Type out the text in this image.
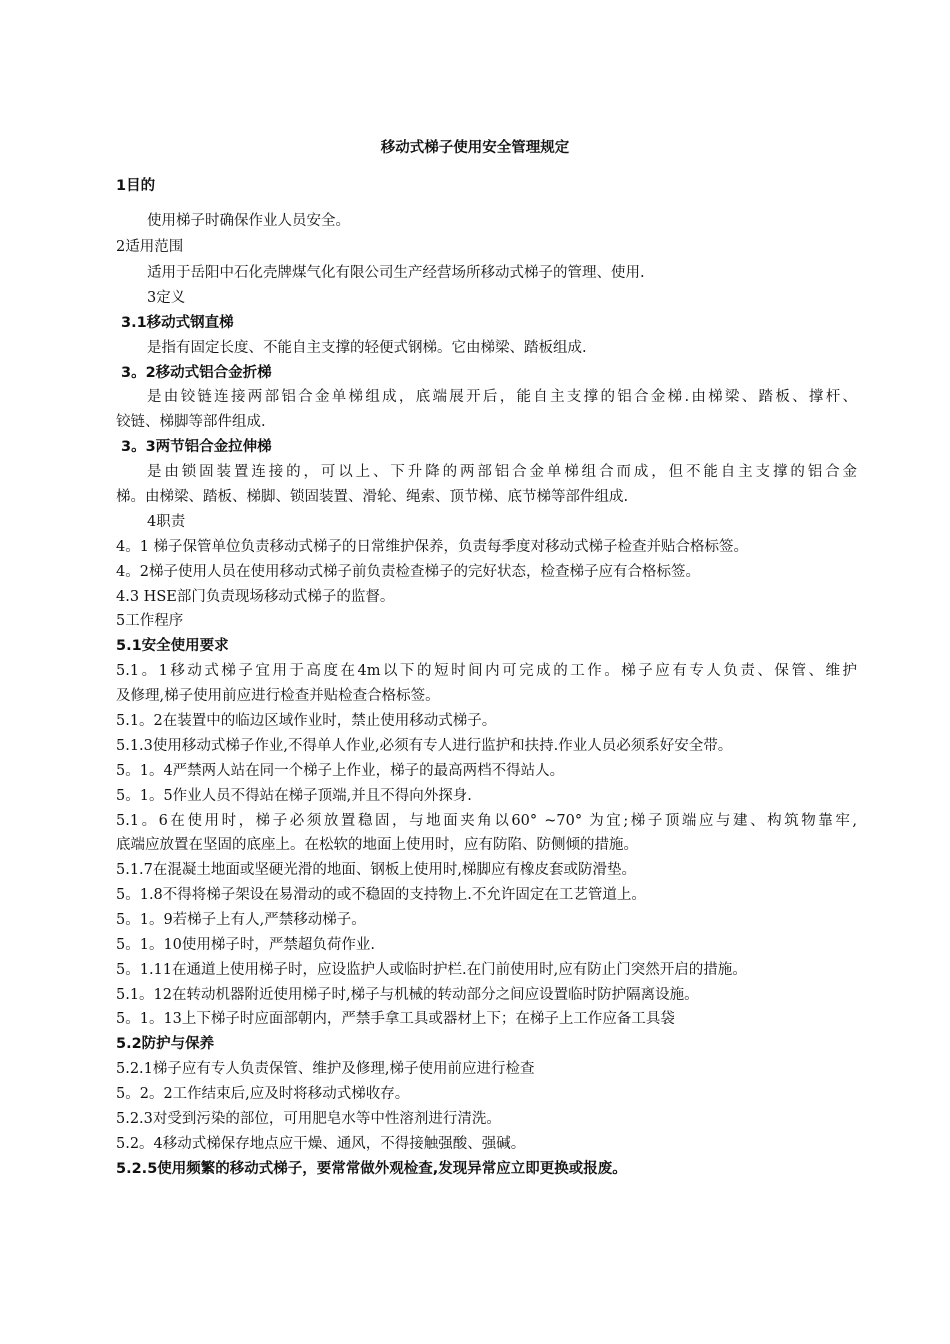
移动式梯子使用安全管理规定
1目的
使用梯子时确保作业人员安全。
2适用范围
适用于岳阳中石化壳牌煤气化有限公司生产经营场所移动式梯子的管理、使用.
3定义
3.1移动式钢直梯
是指有固定长度、不能自主支撑的轻便式钢梯。它由梯梁、踏板组成.
3。2移动式铝合金折梯
是由铰链连接两部铝合金单梯组成，底端展开后，能自主支撑的铝合金梯.由梯梁、踏板、撑杆、
铰链、梯脚等部件组成.
3。3两节铝合金拉伸梯
是由锁固装置连接的，可以上、下升降的两部铝合金单梯组合而成，但不能自主支撑的铝合金
梯。由梯梁、踏板、梯脚、锁固装置、滑轮、绳索、顶节梯、底节梯等部件组成.
4职责
4。1 梯子保管单位负责移动式梯子的日常维护保养，负责每季度对移动式梯子检查并贴合格标签。
4。2梯子使用人员在使用移动式梯子前负责检查梯子的完好状态，检查梯子应有合格标签。
4.3 HSE部门负责现场移动式梯子的监督。
5工作程序
5.1安全使用要求
5.1。1移动式梯子宜用于高度在4m以下的短时间内可完成的工作。梯子应有专人负责、保管、维护
及修理,梯子使用前应进行检查并贴检查合格标签。
5.1。2在装置中的临边区域作业时，禁止使用移动式梯子。
5.1.3使用移动式梯子作业,不得单人作业,必须有专人进行监护和扶持.作业人员必须系好安全带。
5。1。4严禁两人站在同一个梯子上作业，梯子的最高两档不得站人。
5。1。5作业人员不得站在梯子顶端,并且不得向外探身.
5.1。6在使用时，梯子必须放置稳固，与地面夹角以60° ~70° 为宜;梯子顶端应与建、构筑物靠牢,
底端应放置在坚固的底座上。在松软的地面上使用时，应有防陷、防侧倾的措施。
5.1.7在混凝土地面或坚硬光滑的地面、钢板上使用时,梯脚应有橡皮套或防滑垫。
5。1.8不得将梯子架设在易滑动的或不稳固的支持物上.不允许固定在工艺管道上。
5。1。9若梯子上有人,严禁移动梯子。
5。1。10使用梯子时，严禁超负荷作业.
5。1.11在通道上使用梯子时，应设监护人或临时护栏.在门前使用时,应有防止门突然开启的措施。
5.1。12在转动机器附近使用梯子时,梯子与机械的转动部分之间应设置临时防护隔离设施。
5。1。13上下梯子时应面部朝内，严禁手拿工具或器材上下；在梯子上工作应备工具袋
5.2防护与保养
5.2.1梯子应有专人负责保管、维护及修理,梯子使用前应进行检查
5。2。2工作结束后,应及时将移动式梯收存。
5.2.3对受到污染的部位，可用肥皂水等中性溶剂进行清洗。
5.2。4移动式梯保存地点应干燥、通风，不得接触强酸、强碱。
5.2.5使用频繁的移动式梯子，要常常做外观检查,发现异常应立即更换或报废。
